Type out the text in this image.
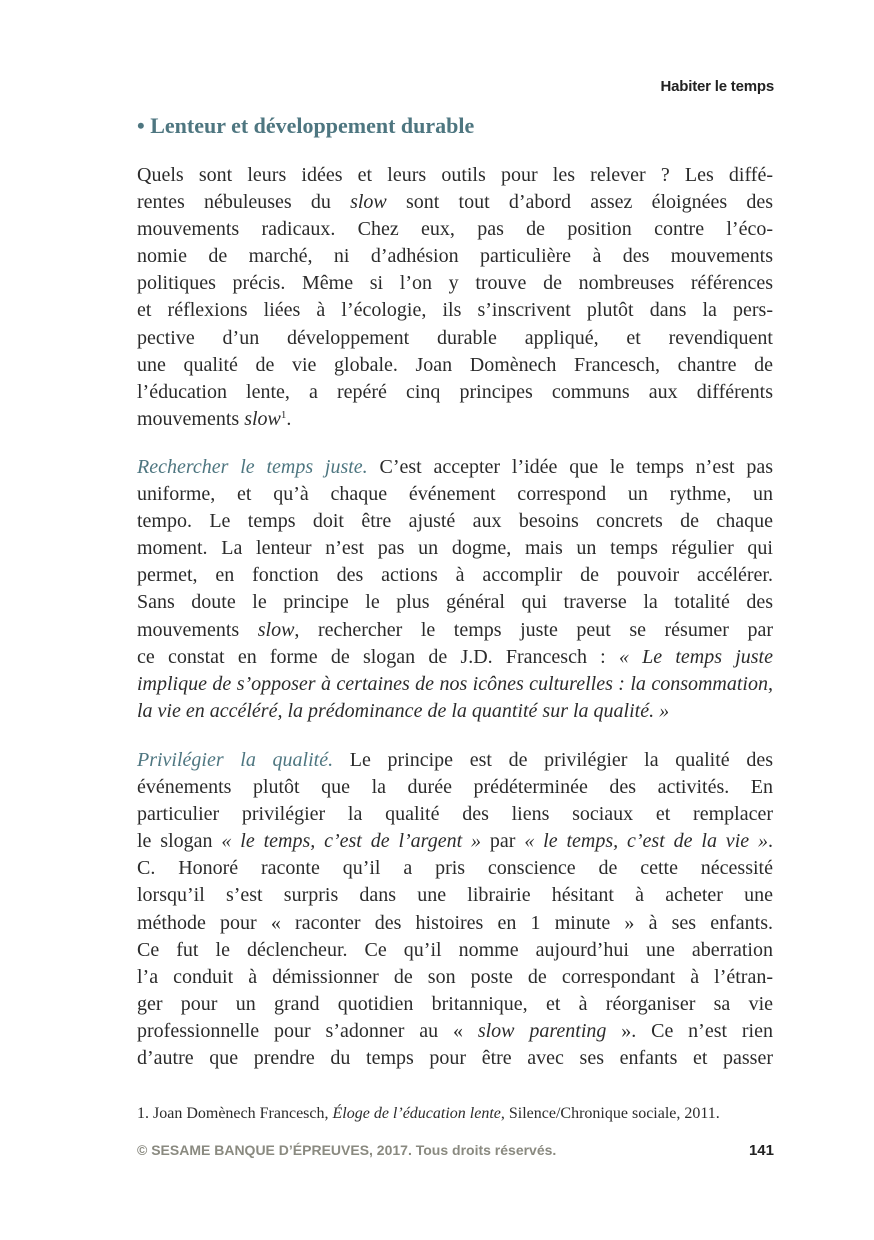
Habiter le temps
• Lenteur et développement durable
Quels sont leurs idées et leurs outils pour les relever ? Les diffé-
rentes nébuleuses du slow sont tout d’abord assez éloignées des
mouvements radicaux. Chez eux, pas de position contre l’éco-
nomie de marché, ni d’adhésion particulière à des mouvements
politiques précis. Même si l’on y trouve de nombreuses références
et réflexions liées à l’écologie, ils s’inscrivent plutôt dans la pers-
pective d’un développement durable appliqué, et revendiquent
une qualité de vie globale. Joan Domènech Francesch, chantre de
l’éducation lente, a repéré cinq principes communs aux différents
mouvements slow$^1$.
Rechercher le temps juste. C’est accepter l’idée que le temps n’est pas
uniforme, et qu’à chaque événement correspond un rythme, un
tempo. Le temps doit être ajusté aux besoins concrets de chaque
moment. La lenteur n’est pas un dogme, mais un temps régulier qui
permet, en fonction des actions à accomplir de pouvoir accélérer.
Sans doute le principe le plus général qui traverse la totalité des
mouvements slow, rechercher le temps juste peut se résumer par
ce constat en forme de slogan de J.D. Francesch : « Le temps juste
implique de s’opposer à certaines de nos icônes culturelles : la consommation,
la vie en accéléré, la prédominance de la quantité sur la qualité. »
Privilégier la qualité. Le principe est de privilégier la qualité des
événements plutôt que la durée prédéterminée des activités. En
particulier privilégier la qualité des liens sociaux et remplacer
le slogan « le temps, c’est de l’argent » par « le temps, c’est de la vie ».
C. Honoré raconte qu’il a pris conscience de cette nécessité
lorsqu’il s’est surpris dans une librairie hésitant à acheter une
méthode pour « raconter des histoires en 1 minute » à ses enfants.
Ce fut le déclencheur. Ce qu’il nomme aujourd’hui une aberration
l’a conduit à démissionner de son poste de correspondant à l’étran-
ger pour un grand quotidien britannique, et à réorganiser sa vie
professionnelle pour s’adonner au « slow parenting ». Ce n’est rien
d’autre que prendre du temps pour être avec ses enfants et passer
1. Joan Domènech Francesch, Éloge de l’éducation lente, Silence/Chronique sociale, 2011.
© SESAME BANQUE D’ÉPREUVES, 2017. Tous droits réservés.	141
